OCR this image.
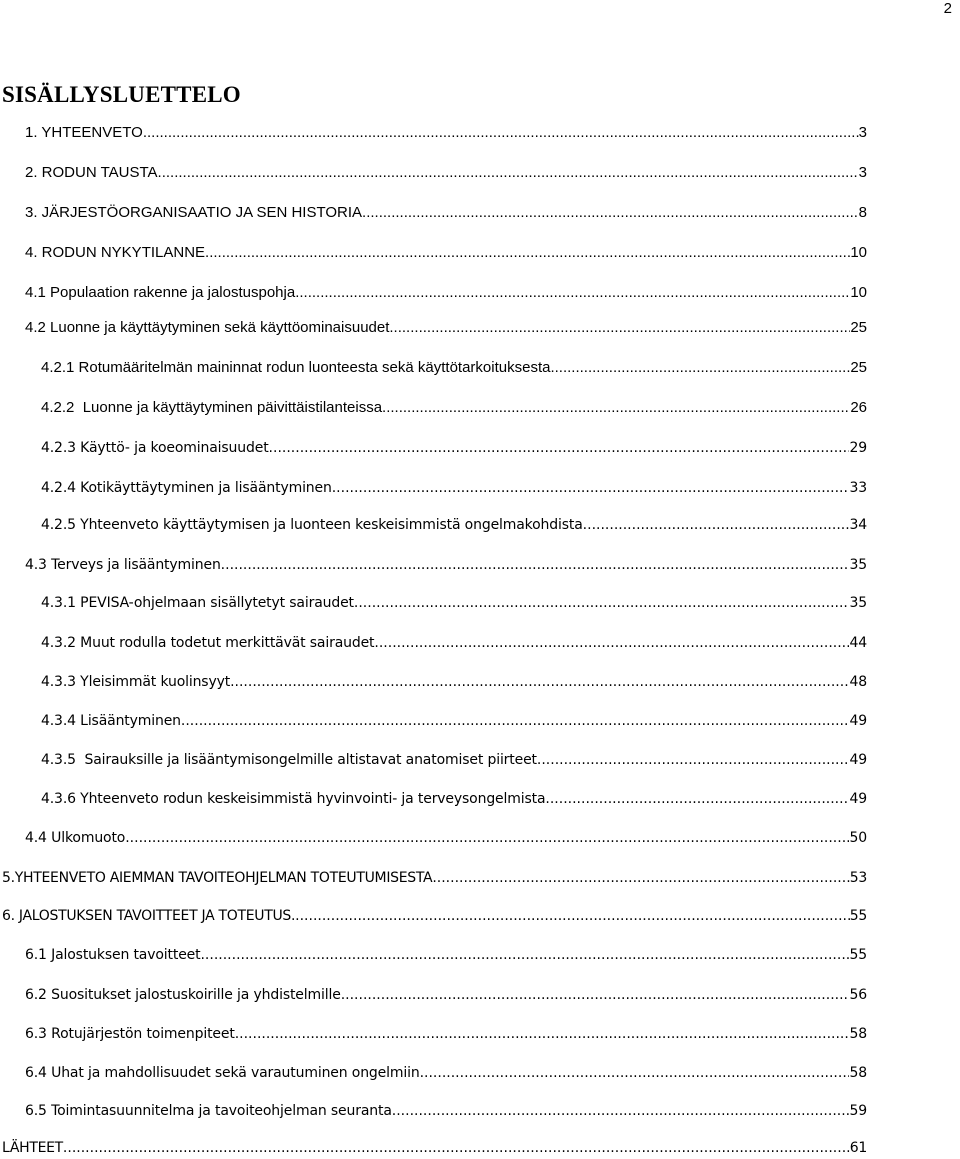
2
SISÄLLYSLUETTELO
1. YHTEENVETO .....	3
2. RODUN TAUSTA .....	3
3. JÄRJESTÖORGANISAATIO JA SEN HISTORIA .....	8
4. RODUN NYKYTILANNE .....	10
4.1 Populaation rakenne ja jalostuspohja .....	10
4.2 Luonne ja käyttäytyminen sekä käyttöominaisuudet .....	25
4.2.1 Rotumääritelmän maininnat rodun luonteesta sekä käyttötarkoituksesta .....	25
4.2.2  Luonne ja käyttäytyminen päivittäistilanteissa .....	26
4.2.3 Käyttö- ja koeominaisuudet .....	29
4.2.4 Kotikäyttäytyminen ja lisääntyminen .....	33
4.2.5 Yhteenveto käyttäytymisen ja luonteen keskeisimmistä ongelmakohdista .....	34
4.3 Terveys ja lisääntyminen .....	35
4.3.1 PEVISA-ohjelmaan sisällytetyt sairaudet .....	35
4.3.2 Muut rodulla todetut merkittävät sairaudet .....	44
4.3.3 Yleisimmät kuolinsyyt .....	48
4.3.4 Lisääntyminen .....	49
4.3.5  Sairauksille ja lisääntymisongelmille altistavat anatomiset piirteet .....	49
4.3.6 Yhteenveto rodun keskeisimmistä hyvinvointi- ja terveysongelmista .....	49
4.4 Ulkomuoto .....	50
5.YHTEENVETO AIEMMAN TAVOITEOHJELMAN TOTEUTUMISESTA .....	53
6. JALOSTUKSEN TAVOITTEET JA TOTEUTUS. .....	55
6.1 Jalostuksen tavoitteet .....	55
6.2 Suositukset jalostuskoirille ja yhdistelmille .....	56
6.3 Rotujärjestön toimenpiteet .....	58
6.4 Uhat ja mahdollisuudet sekä varautuminen ongelmiin .....	58
6.5 Toimintasuunnitelma ja tavoiteohjelman seuranta .....	59
LÄHTEET .....	61
